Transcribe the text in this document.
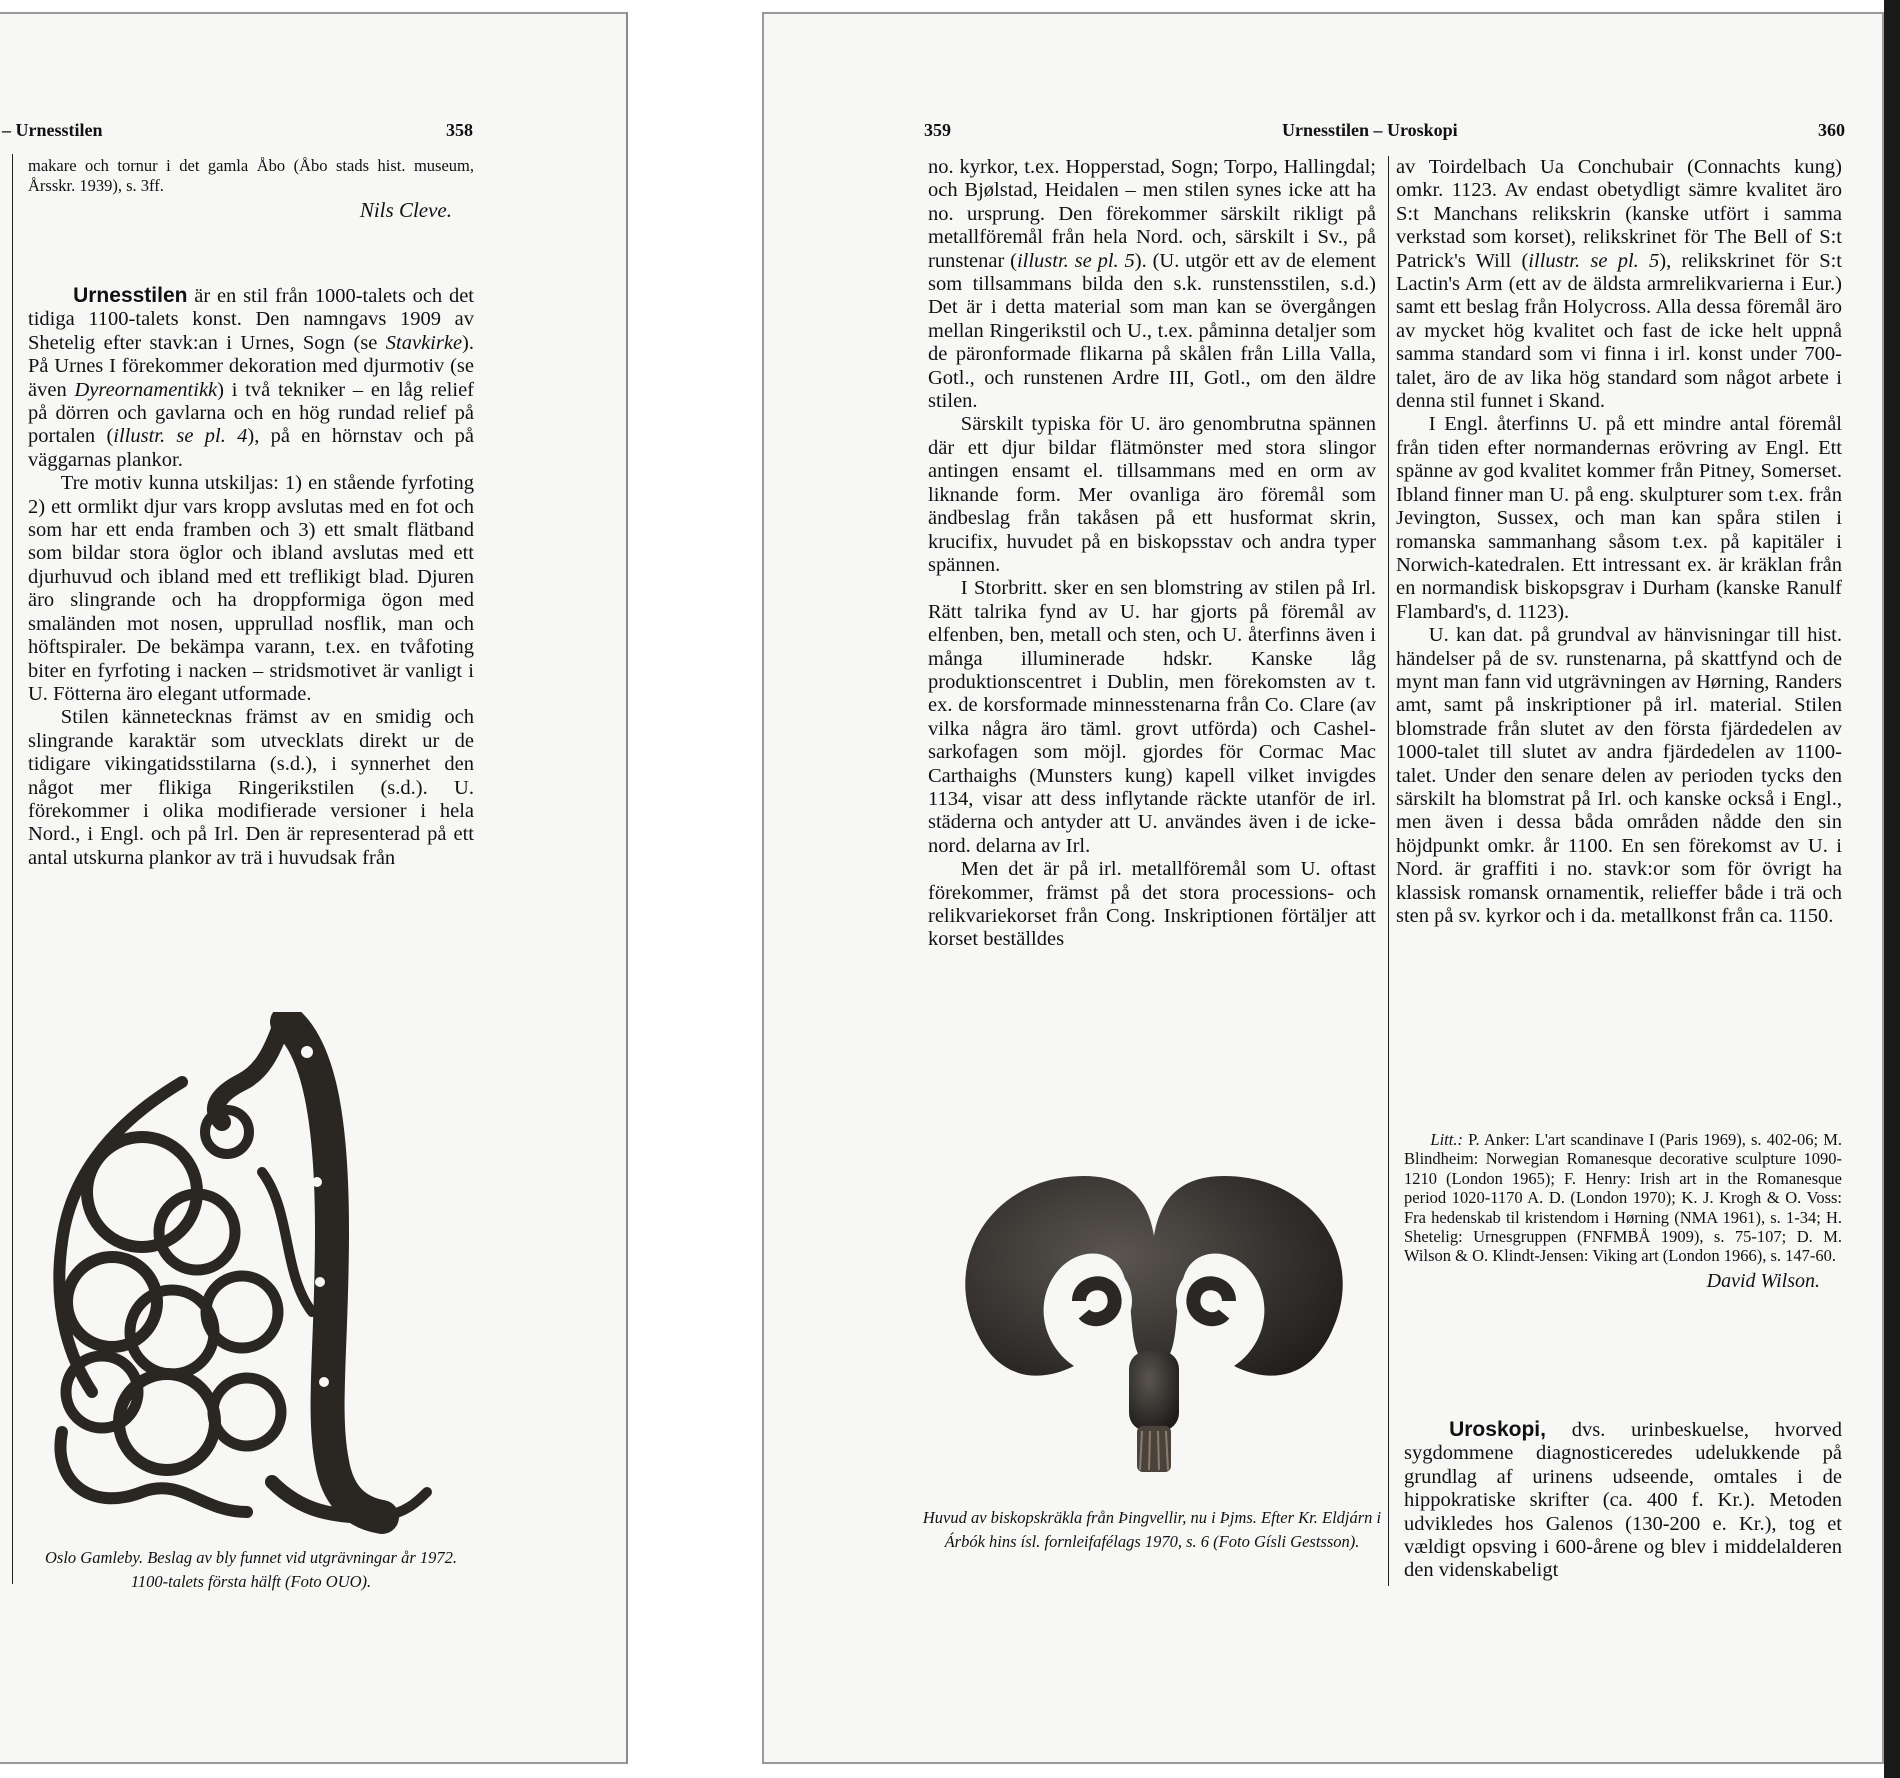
– Urnesstilen	358

makare och tornur i det gamla Åbo (Åbo stads hist. museum, Årsskr. 1939), s. 3ff.

Nils Cleve.

Urnesstilen är en stil från 1000-talets och det tidiga 1100-talets konst. Den namngavs 1909 av Shetelig efter stavk:an i Urnes, Sogn (se Stavkirke). På Urnes I förekommer dekoration med djurmotiv (se även Dyreornamentikk) i två tekniker – en låg relief på dörren och gavlarna och en hög rundad relief på portalen (illustr. se pl. 4), på en hörnstav och på väggarnas plankor.

Tre motiv kunna utskiljas: 1) en stående fyrfoting 2) ett ormlikt djur vars kropp avslutas med en fot och som har ett enda framben och 3) ett smalt flätband som bildar stora öglor och ibland avslutas med ett djurhuvud och ibland med ett treflikigt blad. Djuren äro slingrande och ha droppformiga ögon med smaländen mot nosen, upprullad nosflik, man och höftspiraler. De bekämpa varann, t.ex. en tvåfoting biter en fyrfoting i nacken – stridsmotivet är vanligt i U. Fötterna äro elegant utformade.

Stilen kännetecknas främst av en smidig och slingrande karaktär som utvecklats direkt ur de tidigare vikingatidsstilarna (s.d.), i synnerhet den något mer flikiga Ringerikstilen (s.d.). U. förekommer i olika modifierade versioner i hela Nord., i Engl. och på Irl. Den är representerad på ett antal utskurna plankor av trä i huvudsak från

Oslo Gamleby. Beslag av bly funnet vid utgrävningar år 1972. 1100-talets första hälft (Foto OUO).
359	Urnesstilen – Uroskopi	360

no. kyrkor, t.ex. Hopperstad, Sogn; Torpo, Hallingdal; och Bjølstad, Heidalen – men stilen synes icke att ha no. ursprung. Den förekommer särskilt rikligt på metallföremål från hela Nord. och, särskilt i Sv., på runstenar (illustr. se pl. 5). (U. utgör ett av de element som tillsammans bilda den s.k. runstensstilen, s.d.) Det är i detta material som man kan se övergången mellan Ringerikstil och U., t.ex. påminna detaljer som de päronformade flikarna på skålen från Lilla Valla, Gotl., och runstenen Ardre III, Gotl., om den äldre stilen.

Särskilt typiska för U. äro genombrutna spännen där ett djur bildar flätmönster med stora slingor antingen ensamt el. tillsammans med en orm av liknande form. Mer ovanliga äro föremål som ändbeslag från takåsen på ett husformat skrin, krucifix, huvudet på en biskopsstav och andra typer spännen.

I Storbritt. sker en sen blomstring av stilen på Irl. Rätt talrika fynd av U. har gjorts på föremål av elfenben, ben, metall och sten, och U. återfinns även i många illuminerade hdskr. Kanske låg produktionscentret i Dublin, men förekomsten av t. ex. de korsformade minnesstenarna från Co. Clare (av vilka några äro täml. grovt utförda) och Cashel-sarkofagen som möjl. gjordes för Cormac Mac Carthaighs (Munsters kung) kapell vilket invigdes 1134, visar att dess inflytande räckte utanför de irl. städerna och antyder att U. användes även i de icke-nord. delarna av Irl.

Men det är på irl. metallföremål som U. oftast förekommer, främst på det stora processions- och relikvariekorset från Cong. Inskriptionen förtäljer att korset beställdes

Huvud av biskopskräkla från Þingvellir, nu i Þjms. Efter Kr. Eldjárn i Árbók hins ísl. fornleifafélags 1970, s. 6 (Foto Gísli Gestsson).

av Toirdelbach Ua Conchubair (Connachts kung) omkr. 1123. Av endast obetydligt sämre kvalitet äro S:t Manchans relikskrin (kanske utfört i samma verkstad som korset), relikskrinet för The Bell of S:t Patrick's Will (illustr. se pl. 5), relikskrinet för S:t Lactin's Arm (ett av de äldsta armrelikvarierna i Eur.) samt ett beslag från Holycross. Alla dessa föremål äro av mycket hög kvalitet och fast de icke helt uppnå samma standard som vi finna i irl. konst under 700-talet, äro de av lika hög standard som något arbete i denna stil funnet i Skand.

I Engl. återfinns U. på ett mindre antal föremål från tiden efter normandernas erövring av Engl. Ett spänne av god kvalitet kommer från Pitney, Somerset. Ibland finner man U. på eng. skulpturer som t.ex. från Jevington, Sussex, och man kan spåra stilen i romanska sammanhang såsom t.ex. på kapitäler i Norwich-katedralen. Ett intressant ex. är kräklan från en normandisk biskopsgrav i Durham (kanske Ranulf Flambard's, d. 1123).

U. kan dat. på grundval av hänvisningar till hist. händelser på de sv. runstenarna, på skattfynd och de mynt man fann vid utgrävningen av Hørning, Randers amt, samt på inskriptioner på irl. material. Stilen blomstrade från slutet av den första fjärdedelen av 1000-talet till slutet av andra fjärdedelen av 1100-talet. Under den senare delen av perioden tycks den särskilt ha blomstrat på Irl. och kanske också i Engl., men även i dessa båda områden nådde den sin höjdpunkt omkr. år 1100. En sen förekomst av U. i Nord. är graffiti i no. stavk:or som för övrigt ha klassisk romansk ornamentik, relieffer både i trä och sten på sv. kyrkor och i da. metallkonst från ca. 1150.

Litt.: P. Anker: L'art scandinave I (Paris 1969), s. 402-06; M. Blindheim: Norwegian Romanesque decorative sculpture 1090-1210 (London 1965); F. Henry: Irish art in the Romanesque period 1020-1170 A. D. (London 1970); K. J. Krogh & O. Voss: Fra hedenskab til kristendom i Hørning (NMA 1961), s. 1-34; H. Shetelig: Urnesgruppen (FNFMBÅ 1909), s. 75-107; D. M. Wilson & O. Klindt-Jensen: Viking art (London 1966), s. 147-60.

David Wilson.

Uroskopi, dvs. urinbeskuelse, hvorved sygdommene diagnosticeredes udelukkende på grundlag af urinens udseende, omtales i de hippokratiske skrifter (ca. 400 f. Kr.). Metoden udvikledes hos Galenos (130-200 e. Kr.), tog et vældigt opsving i 600-årene og blev i middelalderen den videnskabeligt
